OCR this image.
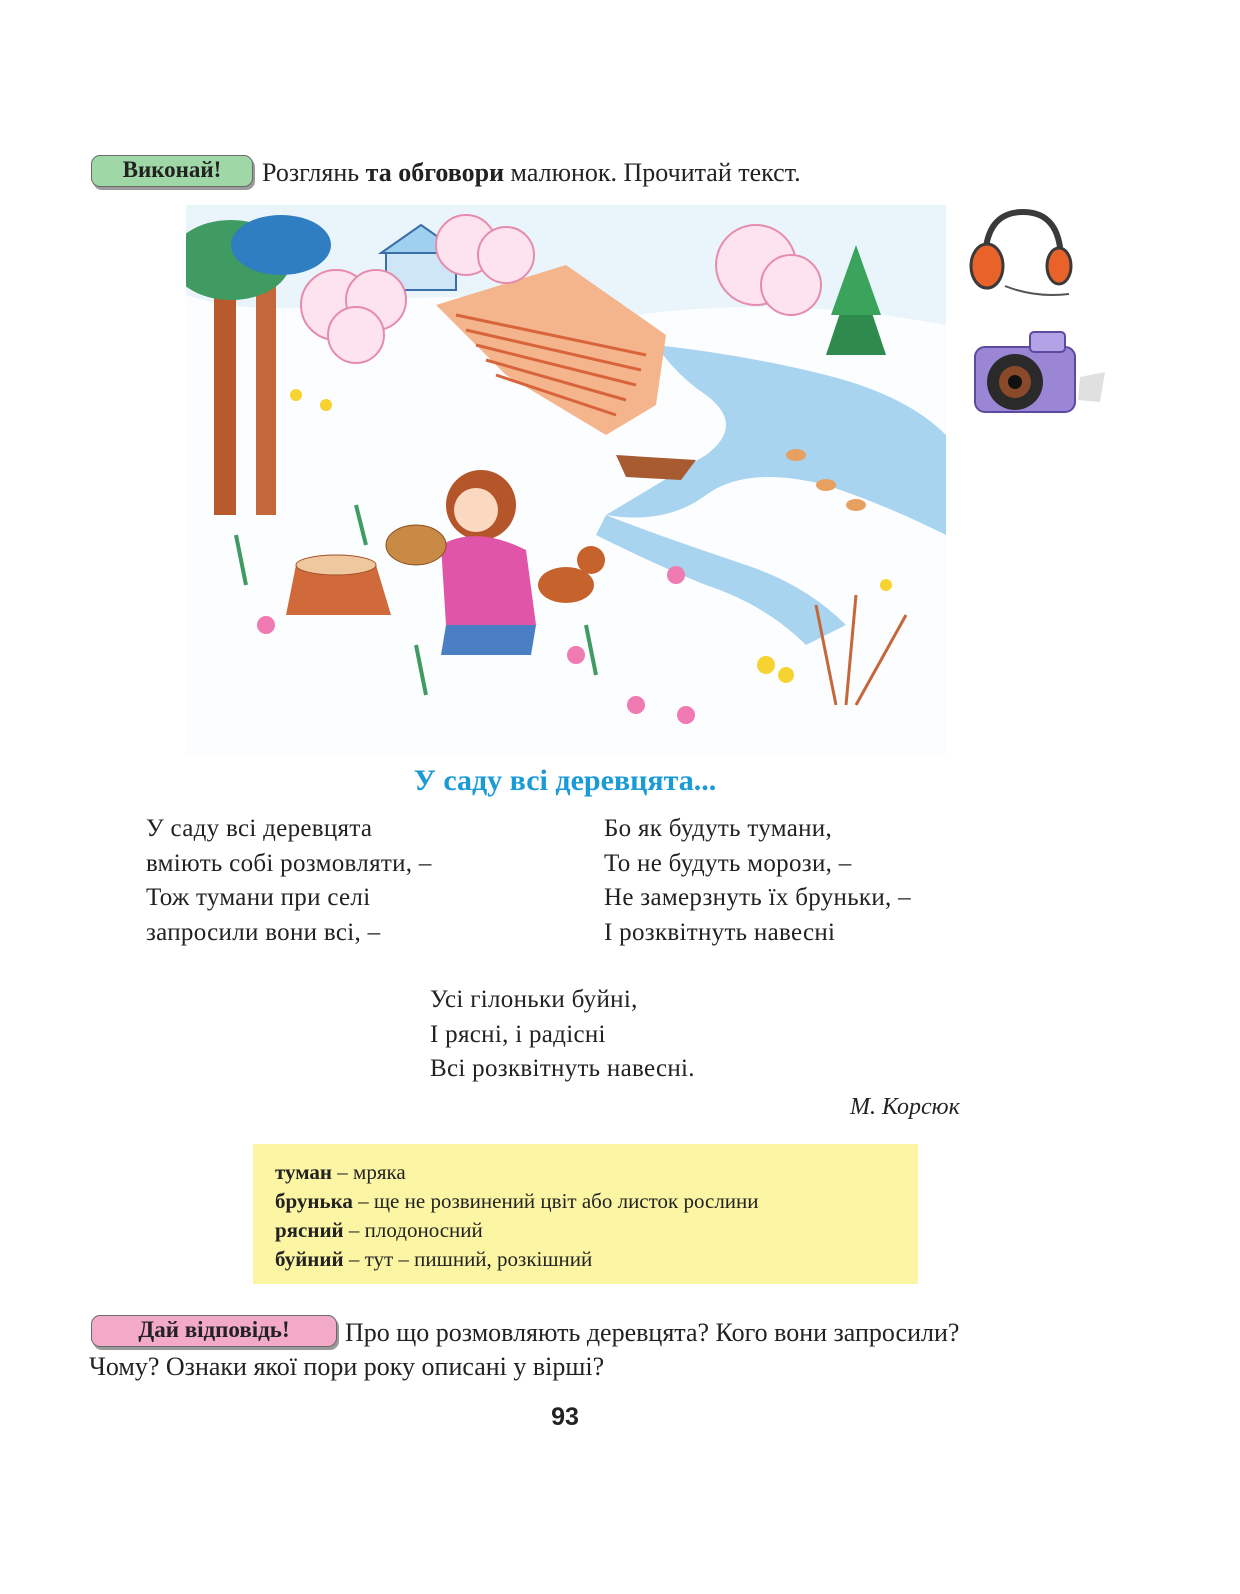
Виконай!	Розглянь та обговори малюнок. Прочитай текст.
У саду всі деревцята...
У саду всі деревцята
вміють собі розмовляти, –
Тож тумани при селі
запросили вони всі, –
Бо як будуть тумани,
То не будуть морози, –
Не замерзнуть їх бруньки, –
І розквітнуть навесні
Усі гілоньки буйні,
І рясні, і радісні
Всі розквітнуть навесні.
М. Корсюк
туман – мряка
брунька – ще не розвинений цвіт або листок рослини
рясний – плодоносний
буйний – тут – пишний, розкішний
Дай відповідь!	Про що розмовляють деревцята? Кого вони запросили?
Чому? Ознаки якої пори року описані у вірші?
93
